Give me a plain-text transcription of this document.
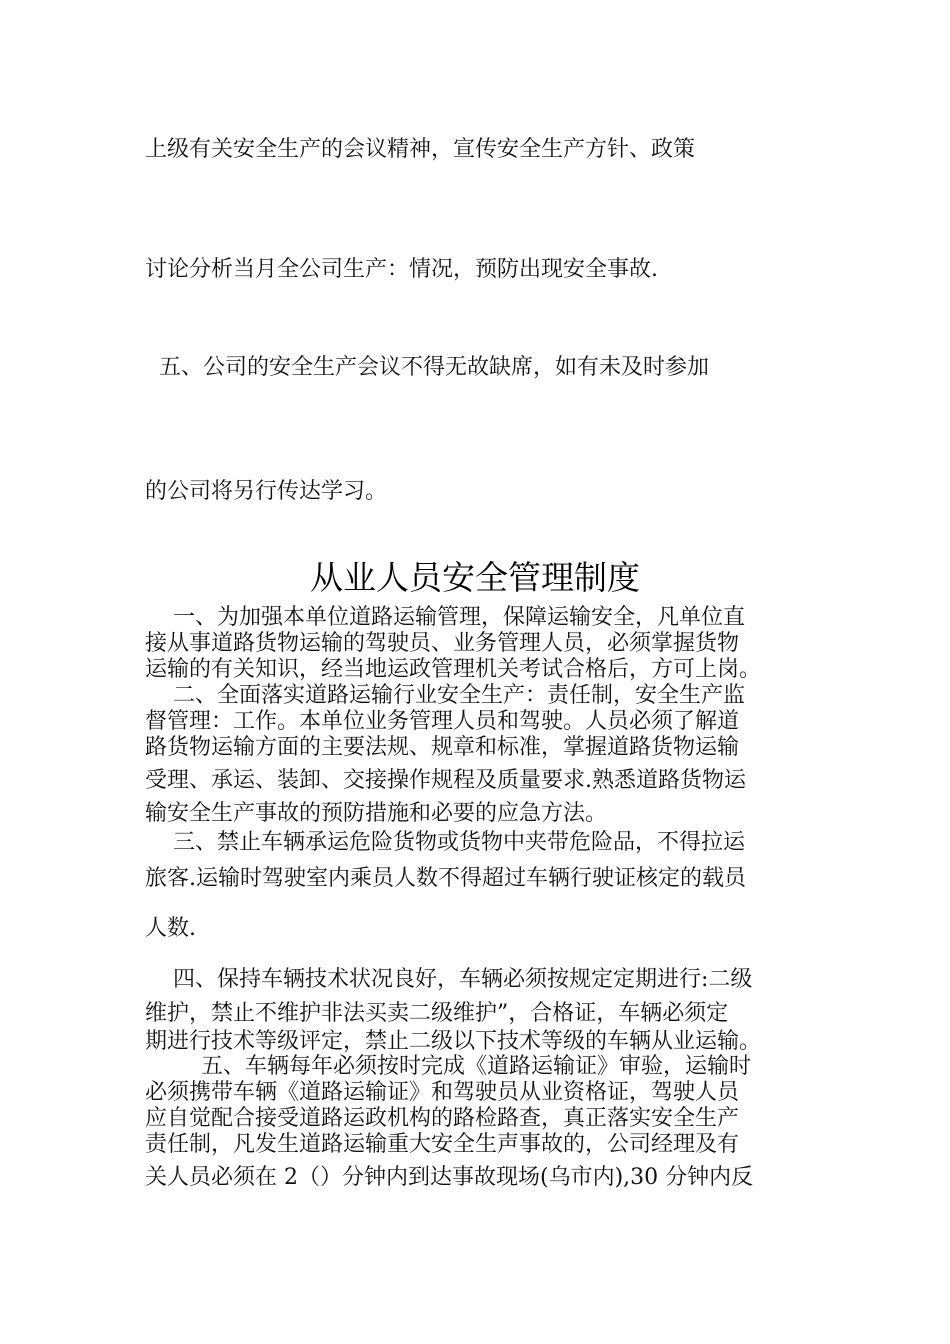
上级有关安全生产的会议精神，宣传安全生产方针、政策
讨论分析当月全公司生产：情况，预防出现安全事故.
五、公司的安全生产会议不得无故缺席，如有未及时参加
的公司将另行传达学习。
从业人员安全管理制度
一、为加强本单位道路运输管理，保障运输安全，凡单位直
接从事道路货物运输的驾驶员、业务管理人员，必须掌握货物
运输的有关知识，经当地运政管理机关考试合格后，方可上岗。
二、全面落实道路运输行业安全生产：责任制，安全生产监
督管理：工作。本单位业务管理人员和驾驶。人员必须了解道
路货物运输方面的主要法规、规章和标准，掌握道路货物运输
受理、承运、装卸、交接操作规程及质量要求.熟悉道路货物运
输安全生产事故的预防措施和必要的应急方法。
三、禁止车辆承运危险货物或货物中夹带危险品，不得拉运
旅客.运输时驾驶室内乘员人数不得超过车辆行驶证核定的载员
人数.
四、保持车辆技术状况良好，车辆必须按规定定期进行:二级
维护，禁止不维护非法买卖二级维护”，合格证，车辆必须定
期进行技术等级评定，禁止二级以下技术等级的车辆从业运输。
五、车辆每年必须按时完成《道路运输证》审验，运输时
必须携带车辆《道路运输证》和驾驶员从业资格证，驾驶人员
应自觉配合接受道路运政机构的路检路查，真正落实安全生产
责任制，凡发生道路运输重大安全生声事故的，公司经理及有
关人员必须在 2（）分钟内到达事故现场(乌市内),30 分钟内反
